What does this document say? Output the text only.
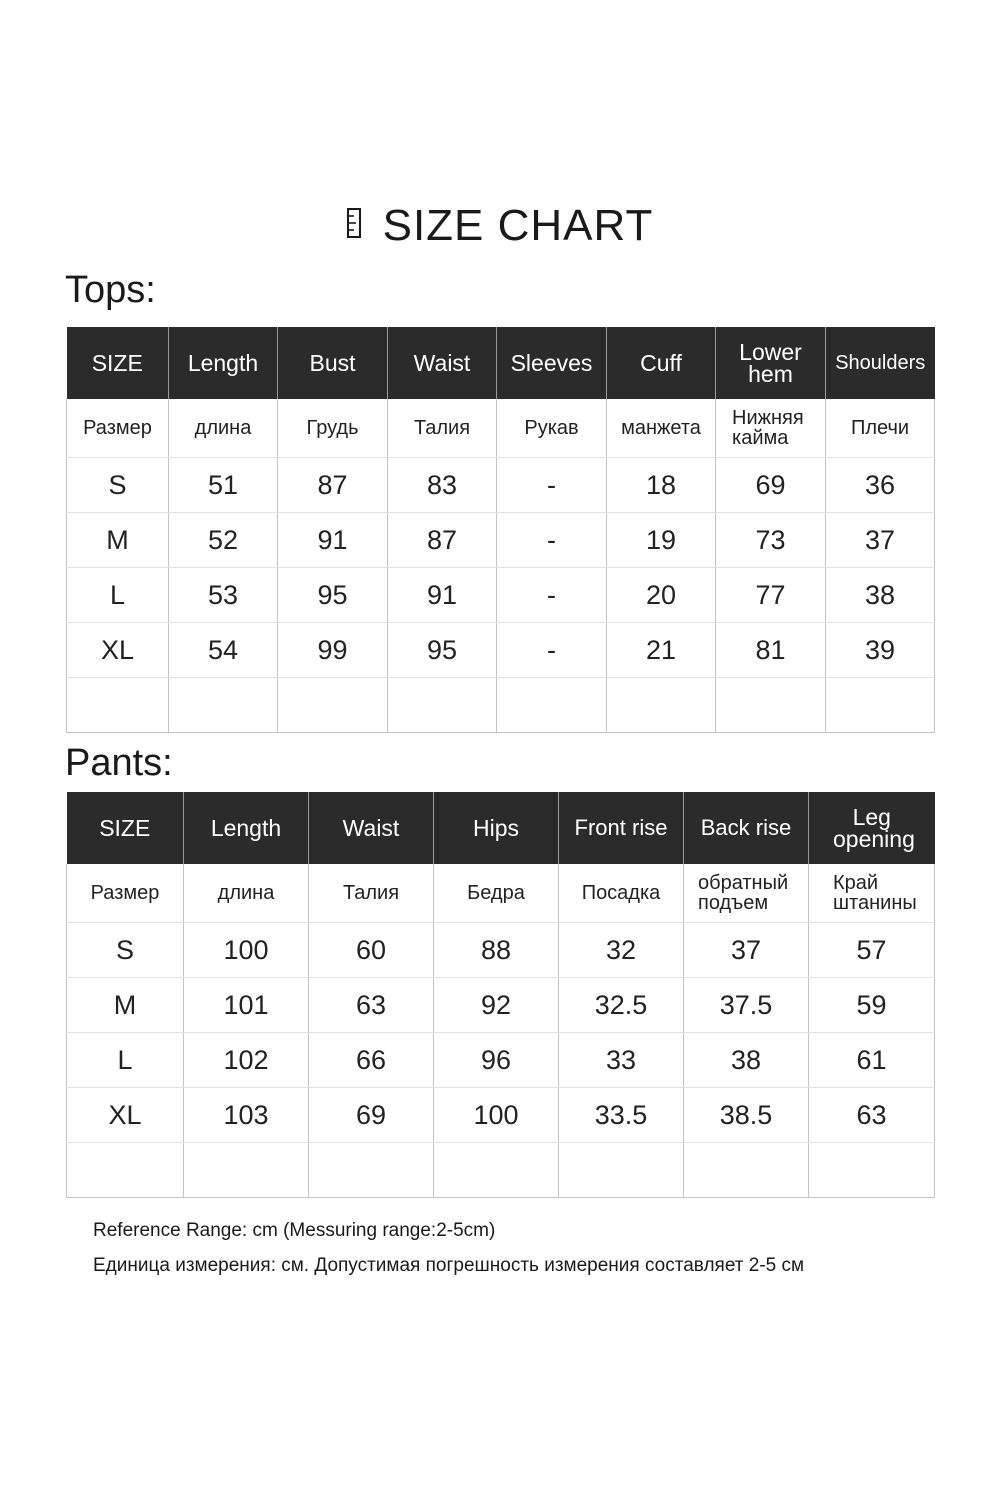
SIZE CHART
Tops:
SIZE	Length	Bust	Waist	Sleeves	Cuff	Lower hem	Shoulders
Размер	длина	Грудь	Талия	Рукав	манжета	Нижняя кайма	Плечи
S	51	87	83	-	18	69	36
M	52	91	87	-	19	73	37
L	53	95	91	-	20	77	38
XL	54	99	95	-	21	81	39

Pants:
SIZE	Length	Waist	Hips	Front rise	Back rise	Leg opening
Размер	длина	Талия	Бедра	Посадка	обратный подъем	Край штанины
S	100	60	88	32	37	57
M	101	63	92	32.5	37.5	59
L	102	66	96	33	38	61
XL	103	69	100	33.5	38.5	63

Reference Range: cm (Messuring range:2-5cm)
Единица измерения: см. Допустимая погрешность измерения составляет 2-5 см
